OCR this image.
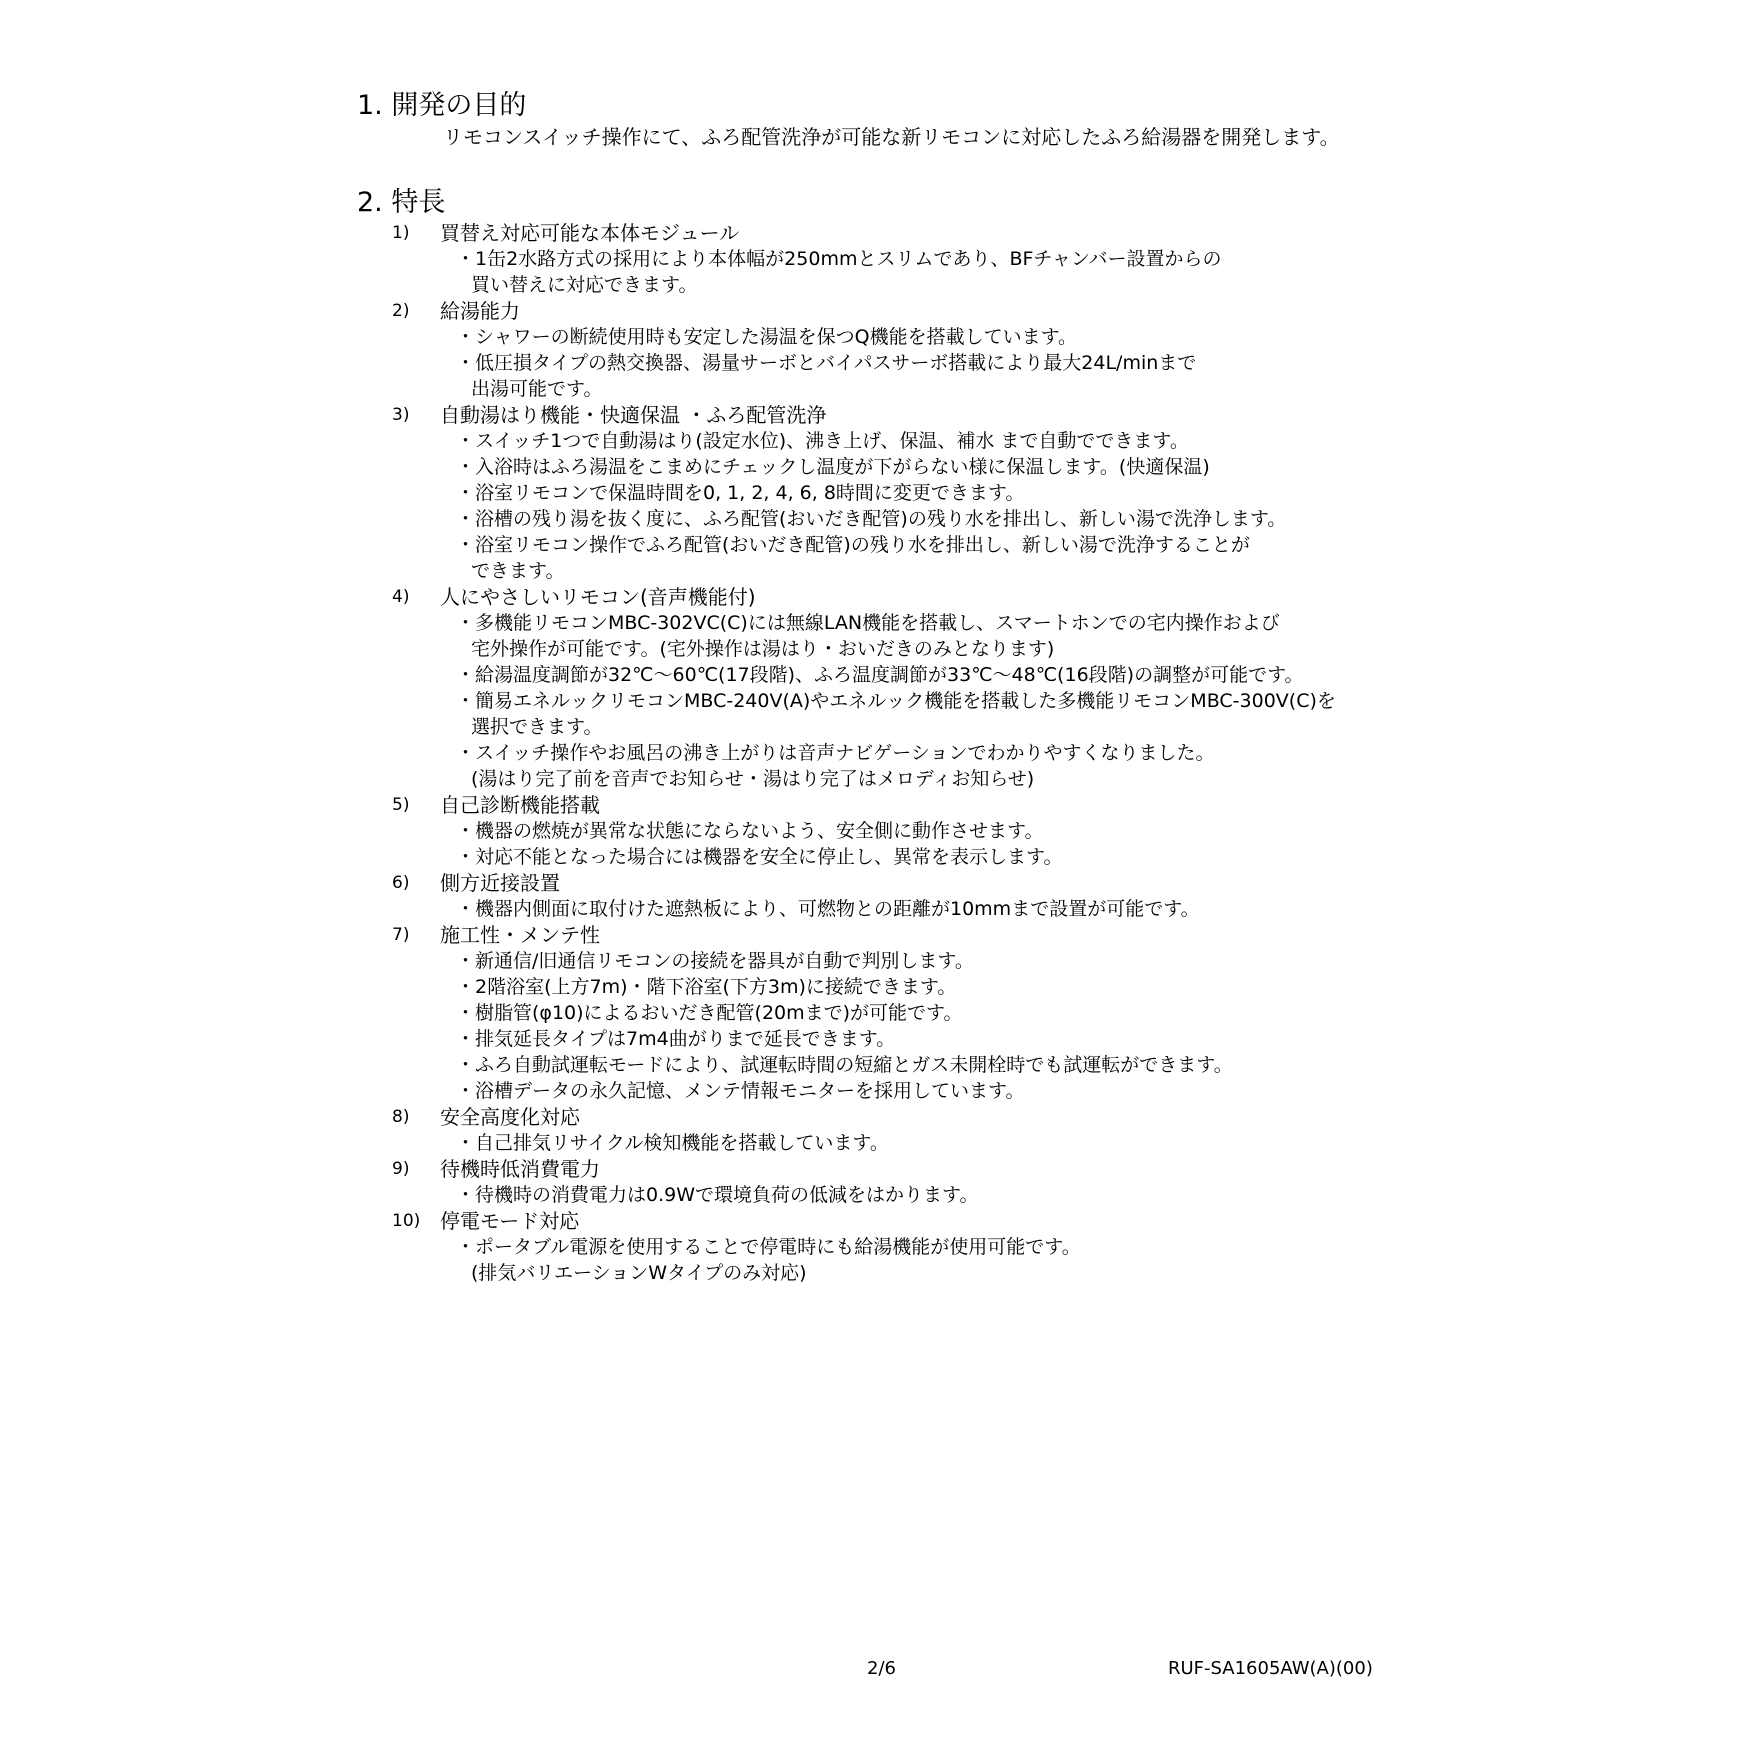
1. 開発の目的
リモコンスイッチ操作にて、ふろ配管洗浄が可能な新リモコンに対応したふろ給湯器を開発します。
2. 特長
1)	買替え対応可能な本体モジュール
・1缶2水路方式の採用により本体幅が250mmとスリムであり、BFチャンバー設置からの
買い替えに対応できます。
2)	給湯能力
・シャワーの断続使用時も安定した湯温を保つQ機能を搭載しています。
・低圧損タイプの熱交換器、湯量サーボとバイパスサーボ搭載により最大24L/minまで
出湯可能です。
3)	自動湯はり機能・快適保温 ・ふろ配管洗浄
・スイッチ1つで自動湯はり(設定水位)、沸き上げ、保温、補水 まで自動でできます。
・入浴時はふろ湯温をこまめにチェックし温度が下がらない様に保温します。(快適保温)
・浴室リモコンで保温時間を0, 1, 2, 4, 6, 8時間に変更できます。
・浴槽の残り湯を抜く度に、ふろ配管(おいだき配管)の残り水を排出し、新しい湯で洗浄します。
・浴室リモコン操作でふろ配管(おいだき配管)の残り水を排出し、新しい湯で洗浄することが
できます。
4)	人にやさしいリモコン(音声機能付)
・多機能リモコンMBC-302VC(C)には無線LAN機能を搭載し、スマートホンでの宅内操作および
宅外操作が可能です。(宅外操作は湯はり・おいだきのみとなります)
・給湯温度調節が32℃～60℃(17段階)、ふろ温度調節が33℃～48℃(16段階)の調整が可能です。
・簡易エネルックリモコンMBC-240V(A)やエネルック機能を搭載した多機能リモコンMBC-300V(C)を
選択できます。
・スイッチ操作やお風呂の沸き上がりは音声ナビゲーションでわかりやすくなりました。
(湯はり完了前を音声でお知らせ・湯はり完了はメロディお知らせ)
5)	自己診断機能搭載
・機器の燃焼が異常な状態にならないよう、安全側に動作させます。
・対応不能となった場合には機器を安全に停止し、異常を表示します。
6)	側方近接設置
・機器内側面に取付けた遮熱板により、可燃物との距離が10mmまで設置が可能です。
7)	施工性・メンテ性
・新通信/旧通信リモコンの接続を器具が自動で判別します。
・2階浴室(上方7m)・階下浴室(下方3m)に接続できます。
・樹脂管(φ10)によるおいだき配管(20mまで)が可能です。
・排気延長タイプは7m4曲がりまで延長できます。
・ふろ自動試運転モードにより、試運転時間の短縮とガス未開栓時でも試運転ができます。
・浴槽データの永久記憶、メンテ情報モニターを採用しています。
8)	安全高度化対応
・自己排気リサイクル検知機能を搭載しています。
9)	待機時低消費電力
・待機時の消費電力は0.9Wで環境負荷の低減をはかります。
10) 停電モード対応
・ポータブル電源を使用することで停電時にも給湯機能が使用可能です。
(排気バリエーションWタイプのみ対応)
2/6	RUF-SA1605AW(A)(00)
